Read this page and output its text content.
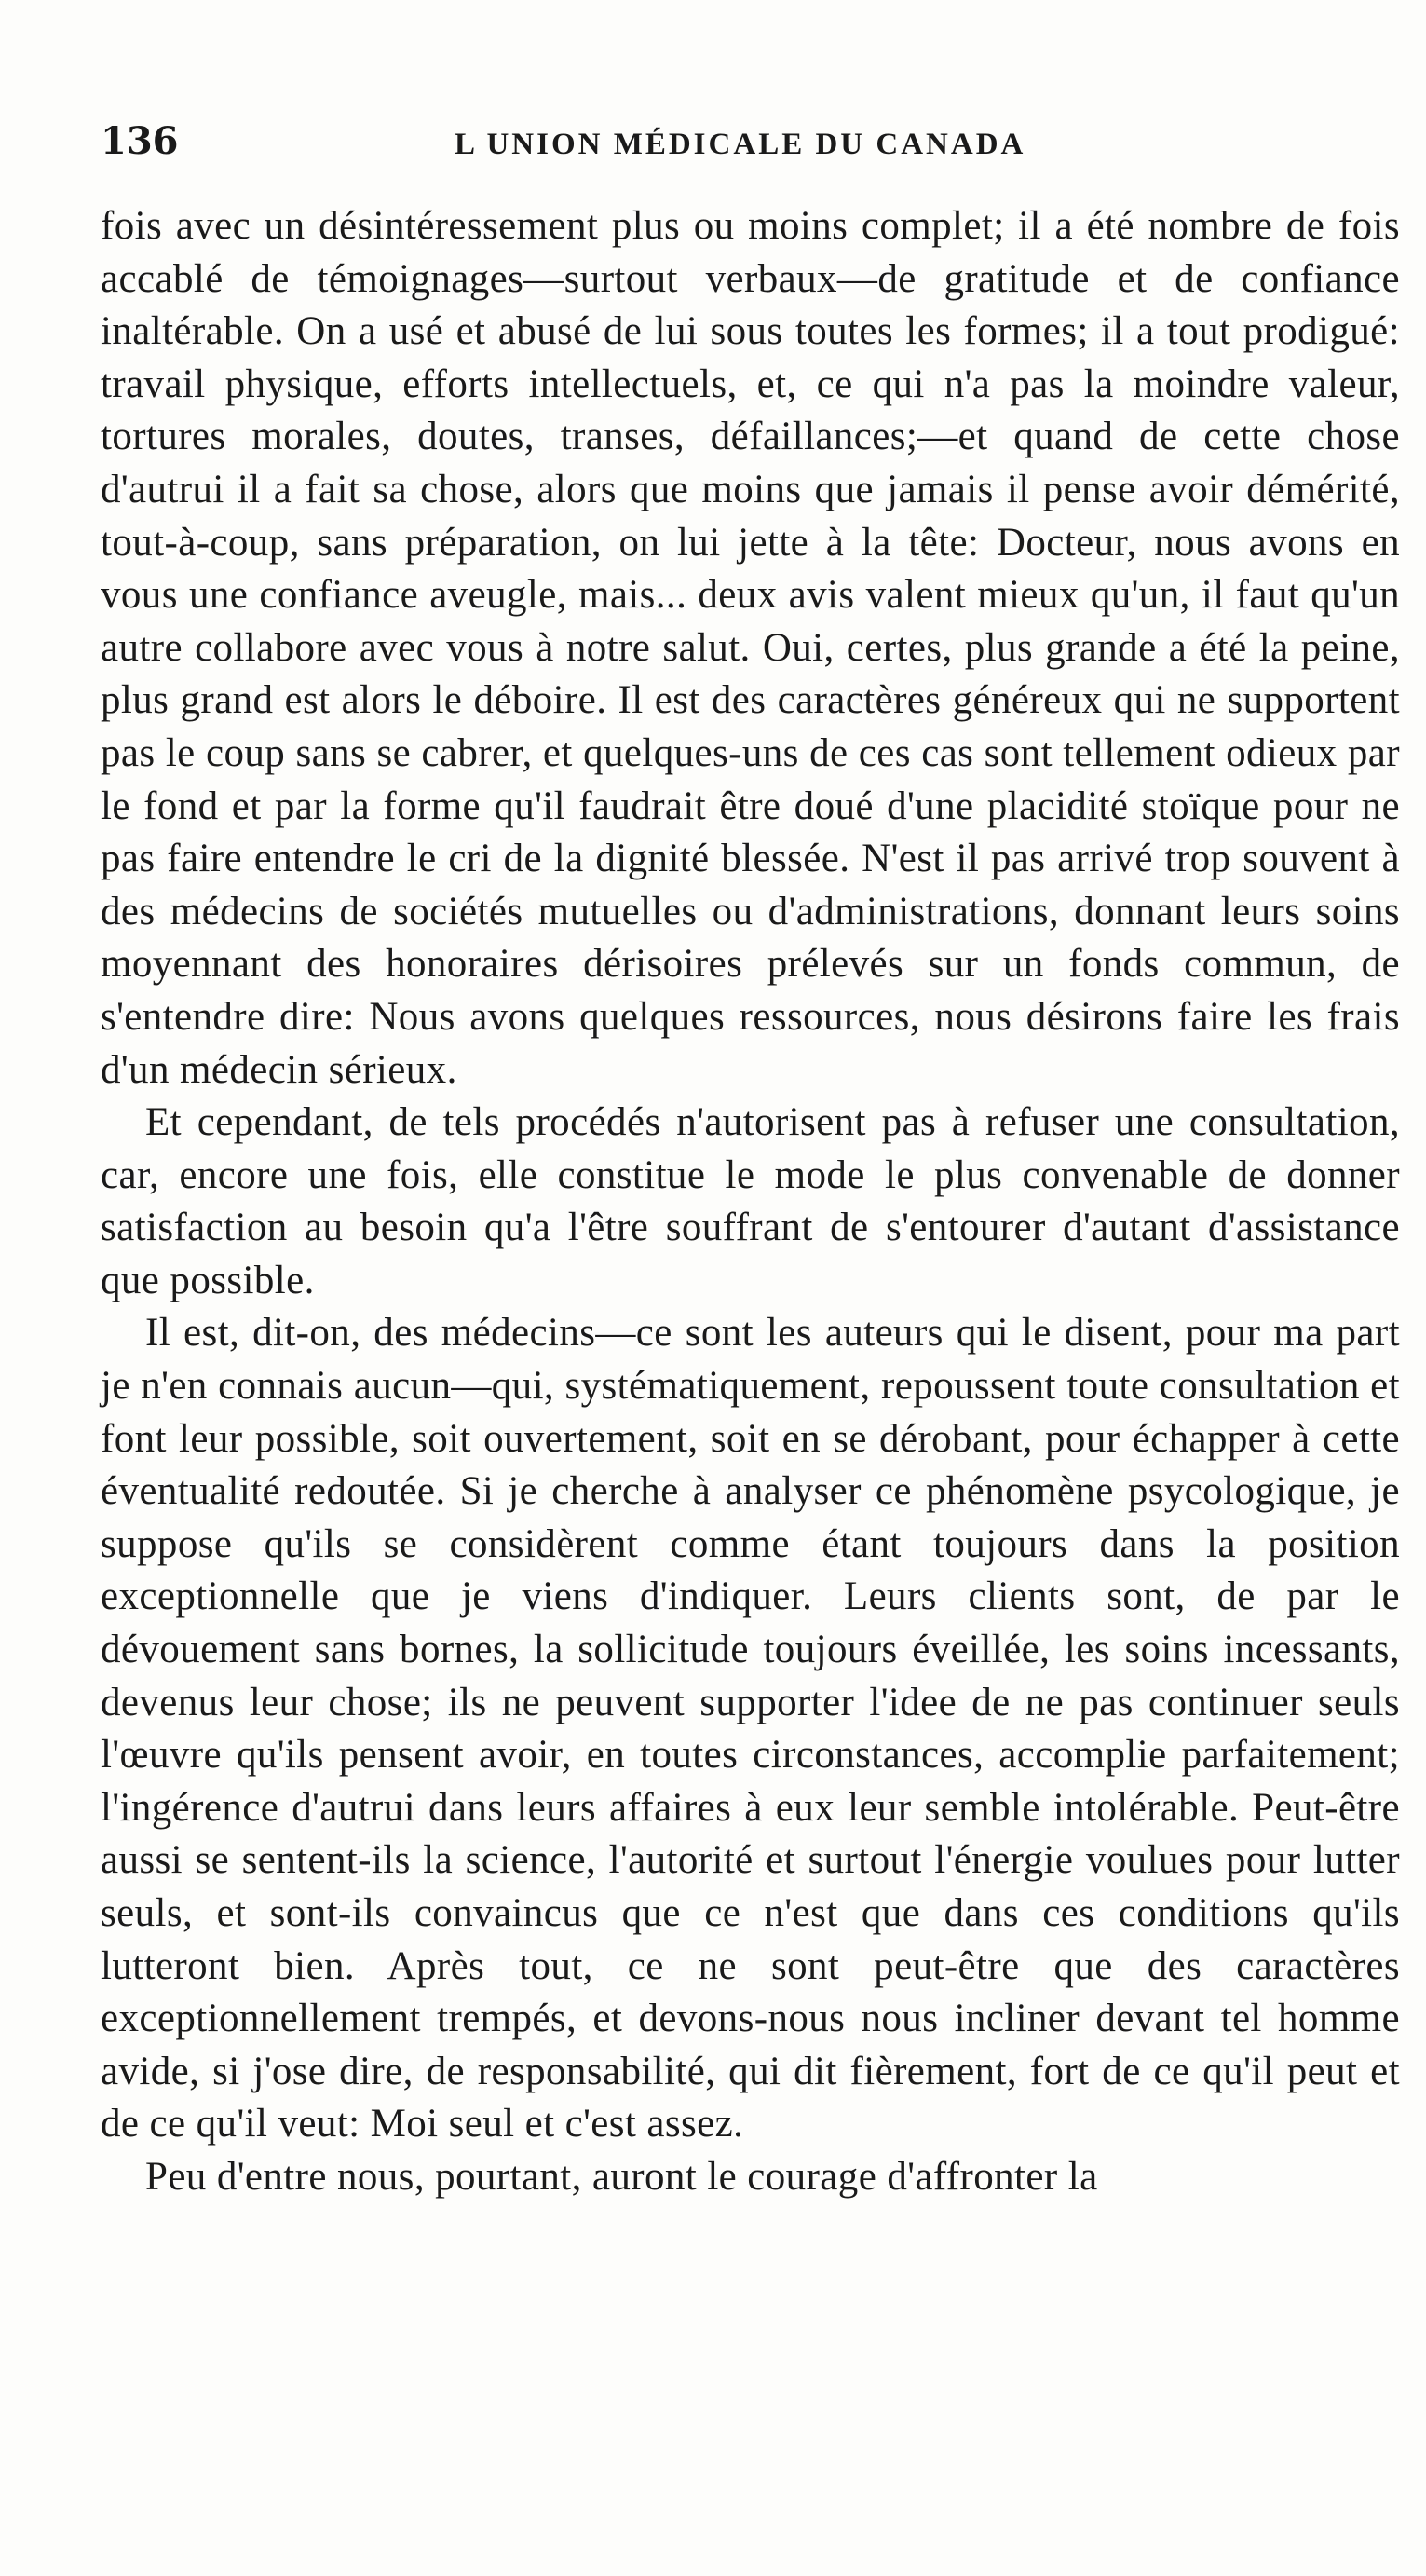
136	L UNION MÉDICALE DU CANADA

fois avec un désintéressement plus ou moins complet; il a été nombre de fois accablé de témoignages—surtout verbaux—de gratitude et de confiance inaltérable. On a usé et abusé de lui sous toutes les formes; il a tout prodigué: travail physique, efforts intellectuels, et, ce qui n'a pas la moindre valeur, tortures morales, doutes, transes, défaillances;—et quand de cette chose d'autrui il a fait sa chose, alors que moins que jamais il pense avoir démérité, tout-à-coup, sans préparation, on lui jette à la tête: Docteur, nous avons en vous une confiance aveugle, mais... deux avis valent mieux qu'un, il faut qu'un autre collabore avec vous à notre salut. Oui, certes, plus grande a été la peine, plus grand est alors le déboire. Il est des caractères généreux qui ne supportent pas le coup sans se cabrer, et quelques-uns de ces cas sont tellement odieux par le fond et par la forme qu'il faudrait être doué d'une placidité stoïque pour ne pas faire entendre le cri de la dignité blessée. N'est il pas arrivé trop souvent à des médecins de sociétés mutuelles ou d'administrations, donnant leurs soins moyennant des honoraires dérisoires prélevés sur un fonds commun, de s'entendre dire: Nous avons quelques ressources, nous désirons faire les frais d'un médecin sérieux.

Et cependant, de tels procédés n'autorisent pas à refuser une consultation, car, encore une fois, elle constitue le mode le plus convenable de donner satisfaction au besoin qu'a l'être souffrant de s'entourer d'autant d'assistance que possible.

Il est, dit-on, des médecins—ce sont les auteurs qui le disent, pour ma part je n'en connais aucun—qui, systématiquement, repoussent toute consultation et font leur possible, soit ouvertement, soit en se dérobant, pour échapper à cette éventualité redoutée. Si je cherche à analyser ce phénomène psycologique, je suppose qu'ils se considèrent comme étant toujours dans la position exceptionnelle que je viens d'indiquer. Leurs clients sont, de par le dévouement sans bornes, la sollicitude toujours éveillée, les soins incessants, devenus leur chose; ils ne peuvent supporter l'idee de ne pas continuer seuls l'œuvre qu'ils pensent avoir, en toutes circonstances, accomplie parfaitement; l'ingérence d'autrui dans leurs affaires à eux leur semble intolérable. Peut-être aussi se sentent-ils la science, l'autorité et surtout l'énergie voulues pour lutter seuls, et sont-ils convaincus que ce n'est que dans ces conditions qu'ils lutteront bien. Après tout, ce ne sont peut-être que des caractères exceptionnellement trempés, et devons-nous nous incliner devant tel homme avide, si j'ose dire, de responsabilité, qui dit fièrement, fort de ce qu'il peut et de ce qu'il veut: Moi seul et c'est assez.

Peu d'entre nous, pourtant, auront le courage d'affronter la
